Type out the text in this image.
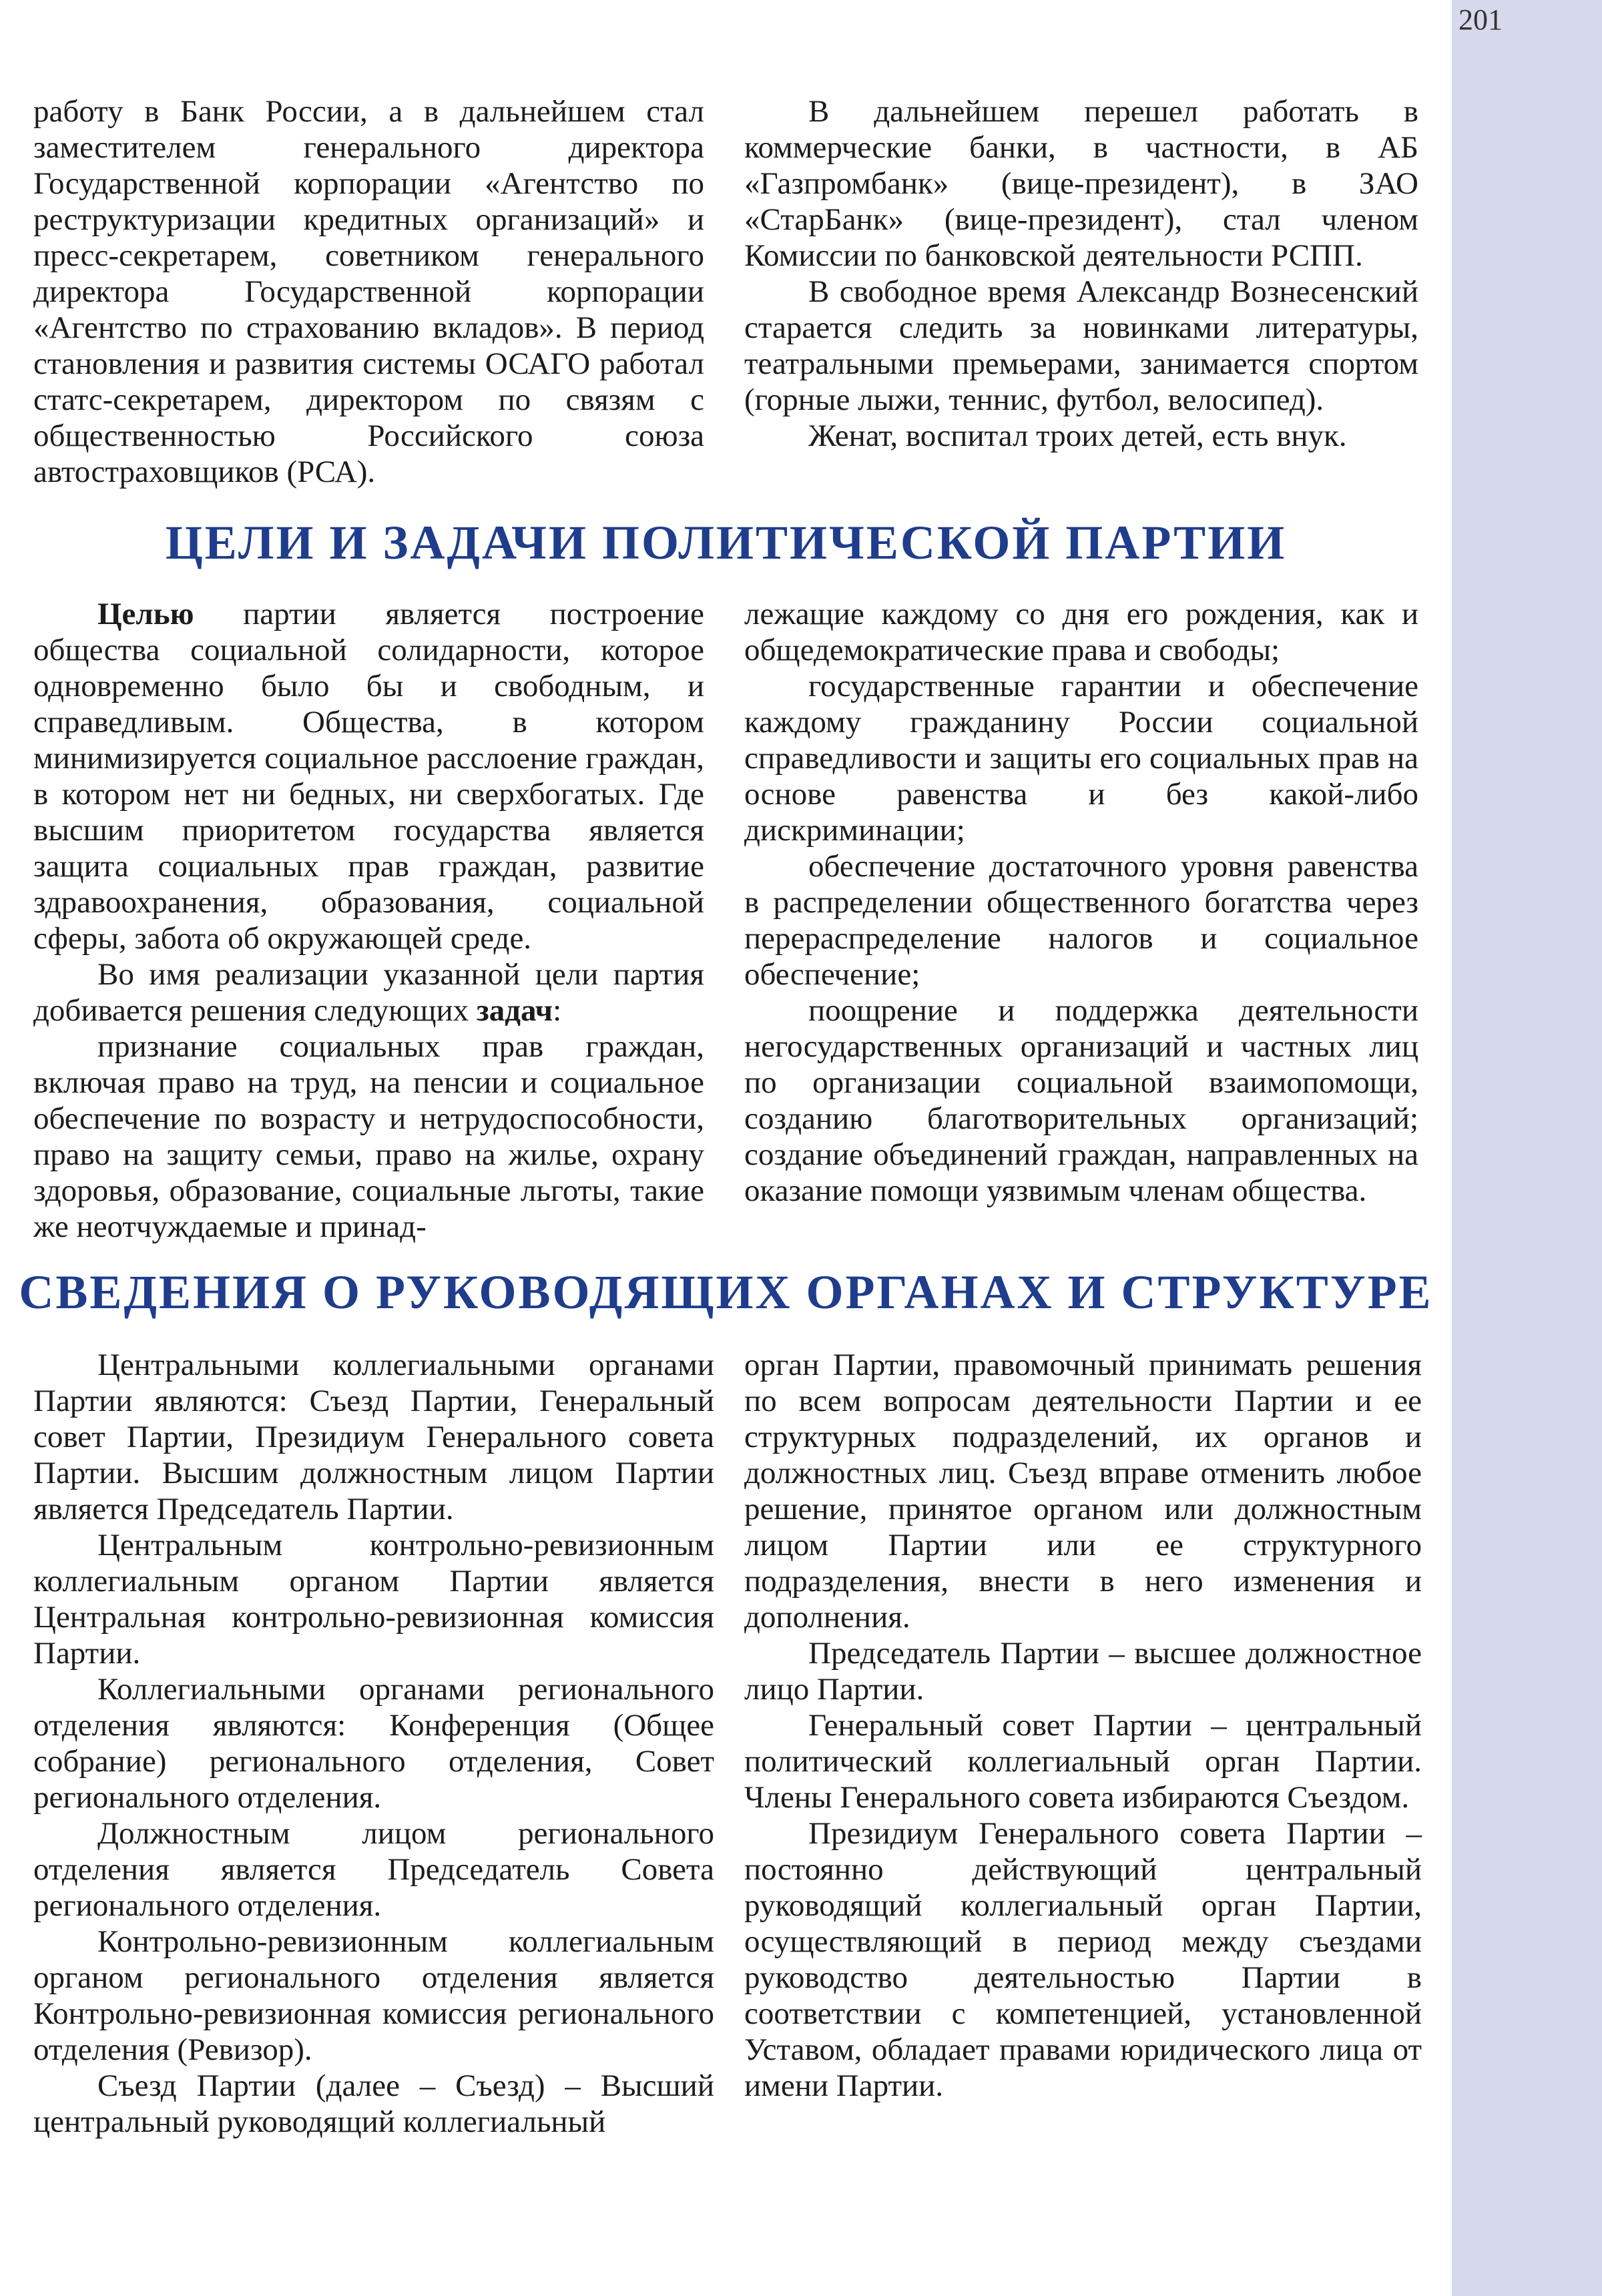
201

работу в Банк России, а в дальнейшем стал заместителем генерального директора Государственной корпорации «Агентство по реструктуризации кредитных организаций» и пресс-секретарем, советником генерального директора Государственной корпорации «Агентство по страхованию вкладов». В период становления и развития системы ОСАГО работал статс-секретарем, директором по связям с общественностью Российского союза автостраховщиков (РСА).

В дальнейшем перешел работать в коммерческие банки, в частности, в АБ «Газпромбанк» (вице-президент), в ЗАО «СтарБанк» (вице-президент), стал членом Комиссии по банковской деятельности РСПП.

В свободное время Александр Вознесенский старается следить за новинками литературы, театральными премьерами, занимается спортом (горные лыжи, теннис, футбол, велосипед).

Женат, воспитал троих детей, есть внук.

ЦЕЛИ И ЗАДАЧИ ПОЛИТИЧЕСКОЙ ПАРТИИ

Целью партии является построение общества социальной солидарности, которое одновременно было бы и свободным, и справедливым. Общества, в котором минимизируется социальное расслоение граждан, в котором нет ни бедных, ни сверхбогатых. Где высшим приоритетом государства является защита социальных прав граждан, развитие здравоохранения, образования, социальной сферы, забота об окружающей среде.

Во имя реализации указанной цели партия добивается решения следующих задач:

признание социальных прав граждан, включая право на труд, на пенсии и социальное обеспечение по возрасту и нетрудоспособности, право на защиту семьи, право на жилье, охрану здоровья, образование, социальные льготы, такие же неотчуждаемые и принад-

лежащие каждому со дня его рождения, как и общедемократические права и свободы;

государственные гарантии и обеспечение каждому гражданину России социальной справедливости и защиты его социальных прав на основе равенства и без какой-либо дискриминации;

обеспечение достаточного уровня равенства в распределении общественного богатства через перераспределение налогов и социальное обеспечение;

поощрение и поддержка деятельности негосударственных организаций и частных лиц по организации социальной взаимопомощи, созданию благотворительных организаций; создание объединений граждан, направленных на оказание помощи уязвимым членам общества.

СВЕДЕНИЯ О РУКОВОДЯЩИХ ОРГАНАХ И СТРУКТУРЕ

Центральными коллегиальными органами Партии являются: Съезд Партии, Генеральный совет Партии, Президиум Генерального совета Партии. Высшим должностным лицом Партии является Председатель Партии.

Центральным контрольно-ревизионным коллегиальным органом Партии является Центральная контрольно-ревизионная комиссия Партии.

Коллегиальными органами регионального отделения являются: Конференция (Общее собрание) регионального отделения, Совет регионального отделения.

Должностным лицом регионального отделения является Председатель Совета регионального отделения.

Контрольно-ревизионным коллегиальным органом регионального отделения является Контрольно-ревизионная комиссия регионального отделения (Ревизор).

Съезд Партии (далее – Съезд) – Высший центральный руководящий коллегиальный

орган Партии, правомочный принимать решения по всем вопросам деятельности Партии и ее структурных подразделений, их органов и должностных лиц. Съезд вправе отменить любое решение, принятое органом или должностным лицом Партии или ее структурного подразделения, внести в него изменения и дополнения.

Председатель Партии – высшее должностное лицо Партии.

Генеральный совет Партии – центральный политический коллегиальный орган Партии. Члены Генерального совета избираются Съездом.

Президиум Генерального совета Партии – постоянно действующий центральный руководящий коллегиальный орган Партии, осуществляющий в период между съездами руководство деятельностью Партии в соответствии с компетенцией, установленной Уставом, обладает правами юридического лица от имени Партии.
